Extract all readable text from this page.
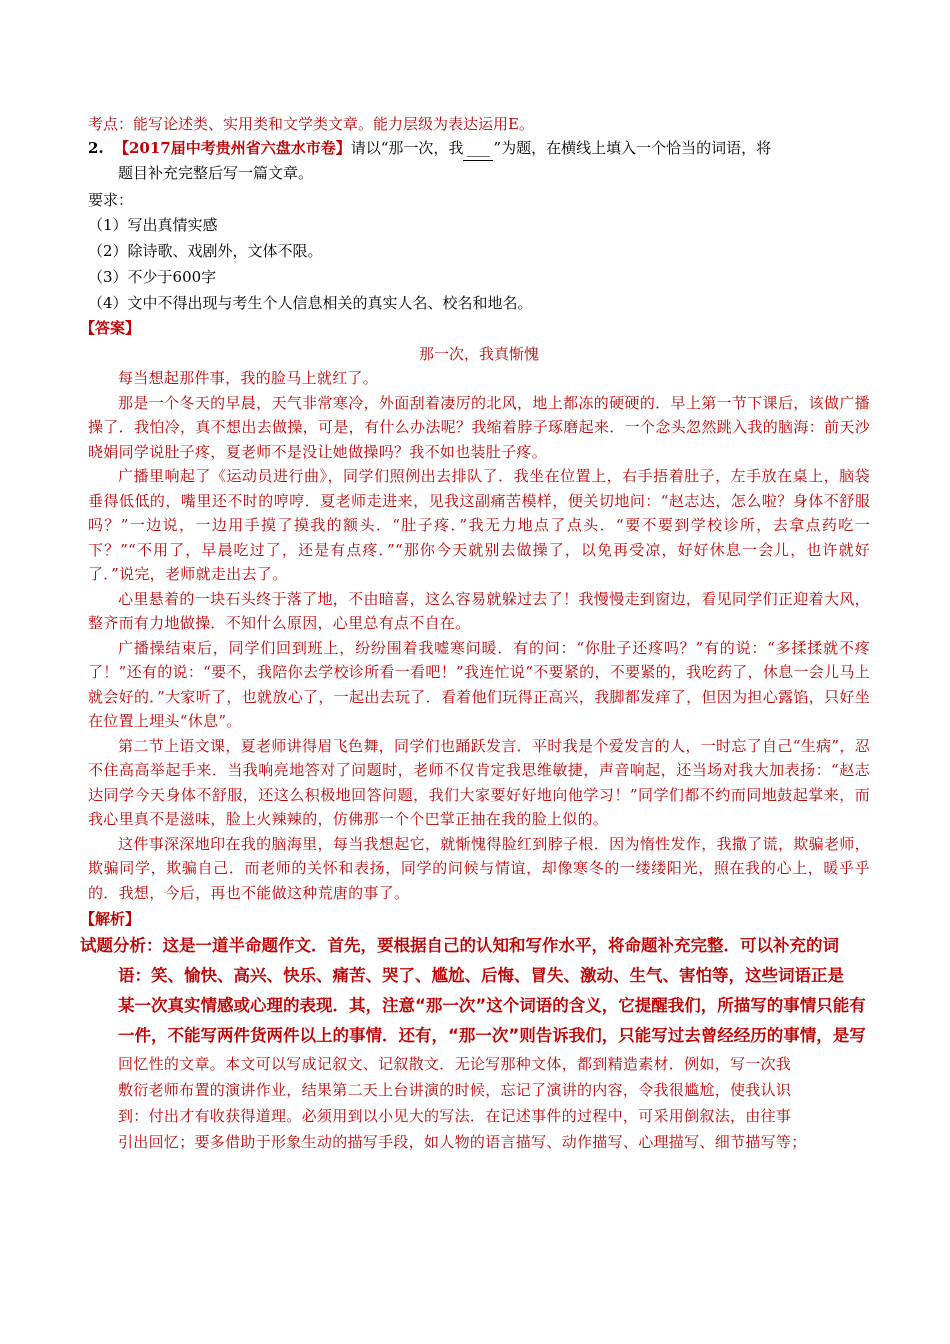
考点：能写论述类、实用类和文学类文章。能力层级为表达运用E。
2. 【2017届中考贵州省六盘水市卷】请以“那一次，我 ___ ”为题，在横线上填入一个恰当的词语，将
题目补充完整后写一篇文章。
要求：
（1）写出真情实感
（2）除诗歌、戏剧外，文体不限。
（3）不少于600字
（4）文中不得出现与考生个人信息相关的真实人名、校名和地名。
【答案】
那一次，我真惭愧

每当想起那件事，我的脸马上就红了。

那是一个冬天的早晨，天气非常寒冷，外面刮着凄厉的北风，地上都冻的硬硬的．早上第一节下课后，该做广播操了．我怕冷，真不想出去做操，可是，有什么办法呢？我缩着脖子琢磨起来．一个念头忽然跳入我的脑海：前天沙晓娟同学说肚子疼，夏老师不是没让她做操吗？我不如也装肚子疼。

广播里响起了《运动员进行曲》，同学们照例出去排队了．我坐在位置上，右手捂着肚子，左手放在桌上，脑袋垂得低低的，嘴里还不时的哼哼．夏老师走进来，见我这副痛苦模样，便关切地问：“赵志达，怎么啦？身体不舒服吗？”一边说，一边用手摸了摸我的额头．“肚子疼．”我无力地点了点头．“要不要到学校诊所，去拿点药吃一下？”“不用了，早晨吃过了，还是有点疼．”“那你今天就别去做操了，以免再受凉，好好休息一会儿，也许就好了．”说完，老师就走出去了。

心里悬着的一块石头终于落了地，不由暗喜，这么容易就躲过去了！我慢慢走到窗边，看见同学们正迎着大风，整齐而有力地做操．不知什么原因，心里总有点不自在。

广播操结束后，同学们回到班上，纷纷围着我嘘寒问暖．有的问：“你肚子还疼吗？”有的说：“多揉揉就不疼了！”还有的说：“要不，我陪你去学校诊所看一看吧！”我连忙说“不要紧的，不要紧的，我吃药了，休息一会儿马上就会好的．”大家听了，也就放心了，一起出去玩了．看着他们玩得正高兴，我脚都发痒了，但因为担心露馅，只好坐在位置上埋头“休息”。

第二节上语文课，夏老师讲得眉飞色舞，同学们也踊跃发言．平时我是个爱发言的人，一时忘了自己“生病”，忍不住高高举起手来．当我响亮地答对了问题时，老师不仅肯定我思维敏捷，声音响起，还当场对我大加表扬：“赵志达同学今天身体不舒服，还这么积极地回答问题，我们大家要好好地向他学习！”同学们都不约而同地鼓起掌来，而我心里真不是滋味，脸上火辣辣的，仿佛那一个个巴掌正抽在我的脸上似的。

这件事深深地印在我的脑海里，每当我想起它，就惭愧得脸红到脖子根．因为惰性发作，我撒了谎，欺骗老师，欺骗同学，欺骗自己．而老师的关怀和表扬，同学的问候与情谊，却像寒冬的一缕缕阳光，照在我的心上，暖乎乎的．我想，今后，再也不能做这种荒唐的事了。

【解析】
试题分析：这是一道半命题作文．首先，要根据自己的认知和写作水平，将命题补充完整．可以补充的词
语：笑、愉快、高兴、快乐、痛苦、哭了、尴尬、后悔、冒失、激动、生气、害怕等，这些词语正是
某一次真实情感或心理的表现．其，注意“那一次”这个词语的含义，它提醒我们，所描写的事情只能有
一件，不能写两件货两件以上的事情．还有，“那一次”则告诉我们，只能写过去曾经经历的事情，是写
回忆性的文章。本文可以写成记叙文、记叙散文．无论写那种文体，都到精造素材．例如，写一次我
敷衍老师布置的演讲作业，结果第二天上台讲演的时候，忘记了演讲的内容，令我很尴尬，使我认识
到：付出才有收获得道理。必须用到以小见大的写法．在记述事件的过程中，可采用倒叙法，由往事
引出回忆；要多借助于形象生动的描写手段，如人物的语言描写、动作描写、心理描写、细节描写等；
